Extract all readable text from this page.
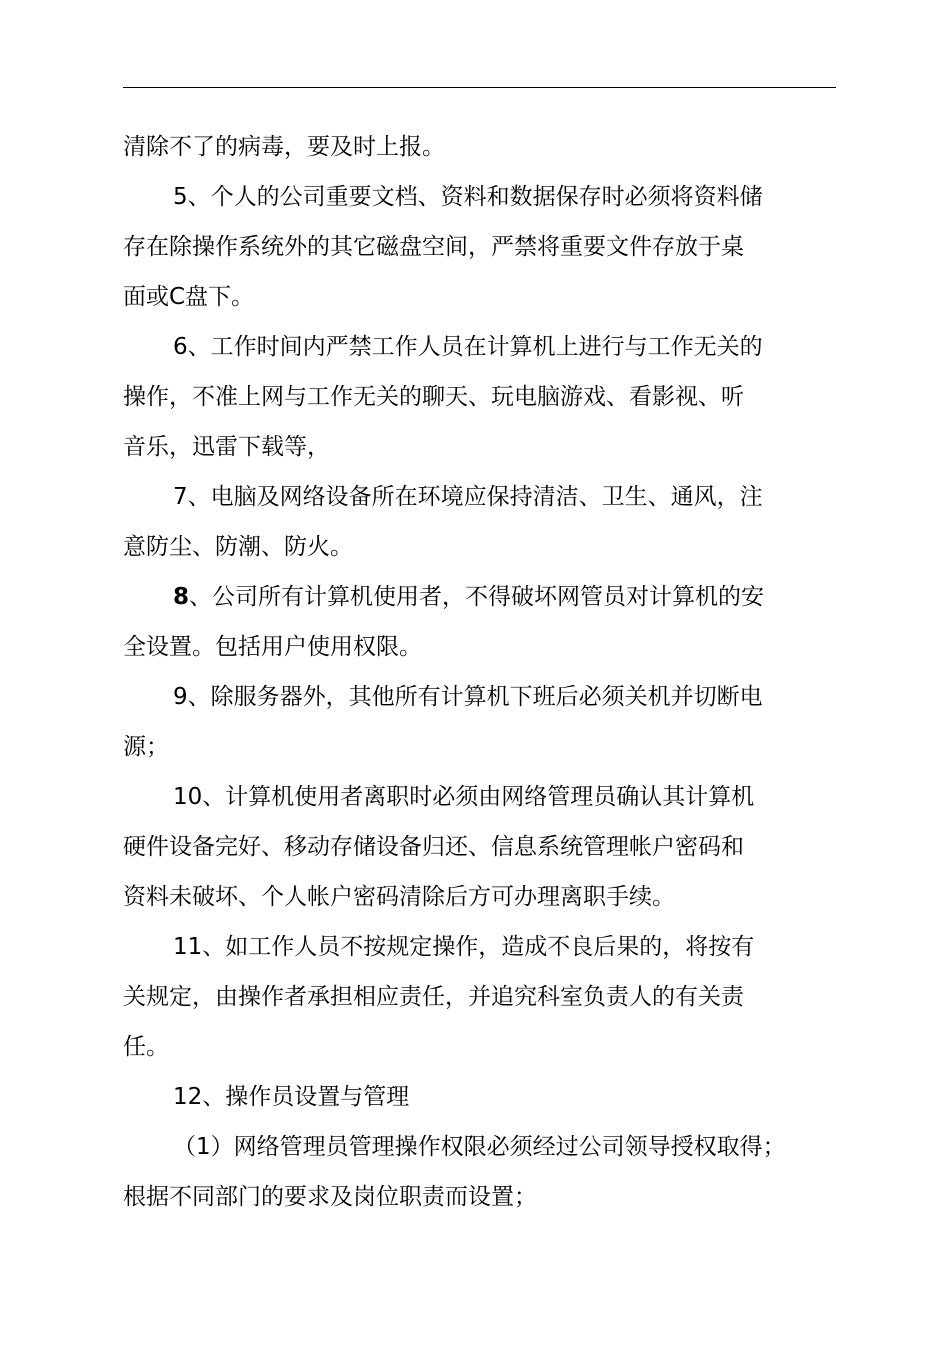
清除不了的病毒，要及时上报。
5、个人的公司重要文档、资料和数据保存时必须将资料储
存在除操作系统外的其它磁盘空间，严禁将重要文件存放于桌
面或C盘下。
6、工作时间内严禁工作人员在计算机上进行与工作无关的
操作，不准上网与工作无关的聊天、玩电脑游戏、看影视、听
音乐，迅雷下载等，
7、电脑及网络设备所在环境应保持清洁、卫生、通风，注
意防尘、防潮、防火。
8、公司所有计算机使用者，不得破坏网管员对计算机的安
全设置。包括用户使用权限。
9、除服务器外，其他所有计算机下班后必须关机并切断电
源；
10、计算机使用者离职时必须由网络管理员确认其计算机
硬件设备完好、移动存储设备归还、信息系统管理帐户密码和
资料未破坏、个人帐户密码清除后方可办理离职手续。
11、如工作人员不按规定操作，造成不良后果的，将按有
关规定，由操作者承担相应责任，并追究科室负责人的有关责
任。
12、操作员设置与管理
（1）网络管理员管理操作权限必须经过公司领导授权取得；
根据不同部门的要求及岗位职责而设置；
